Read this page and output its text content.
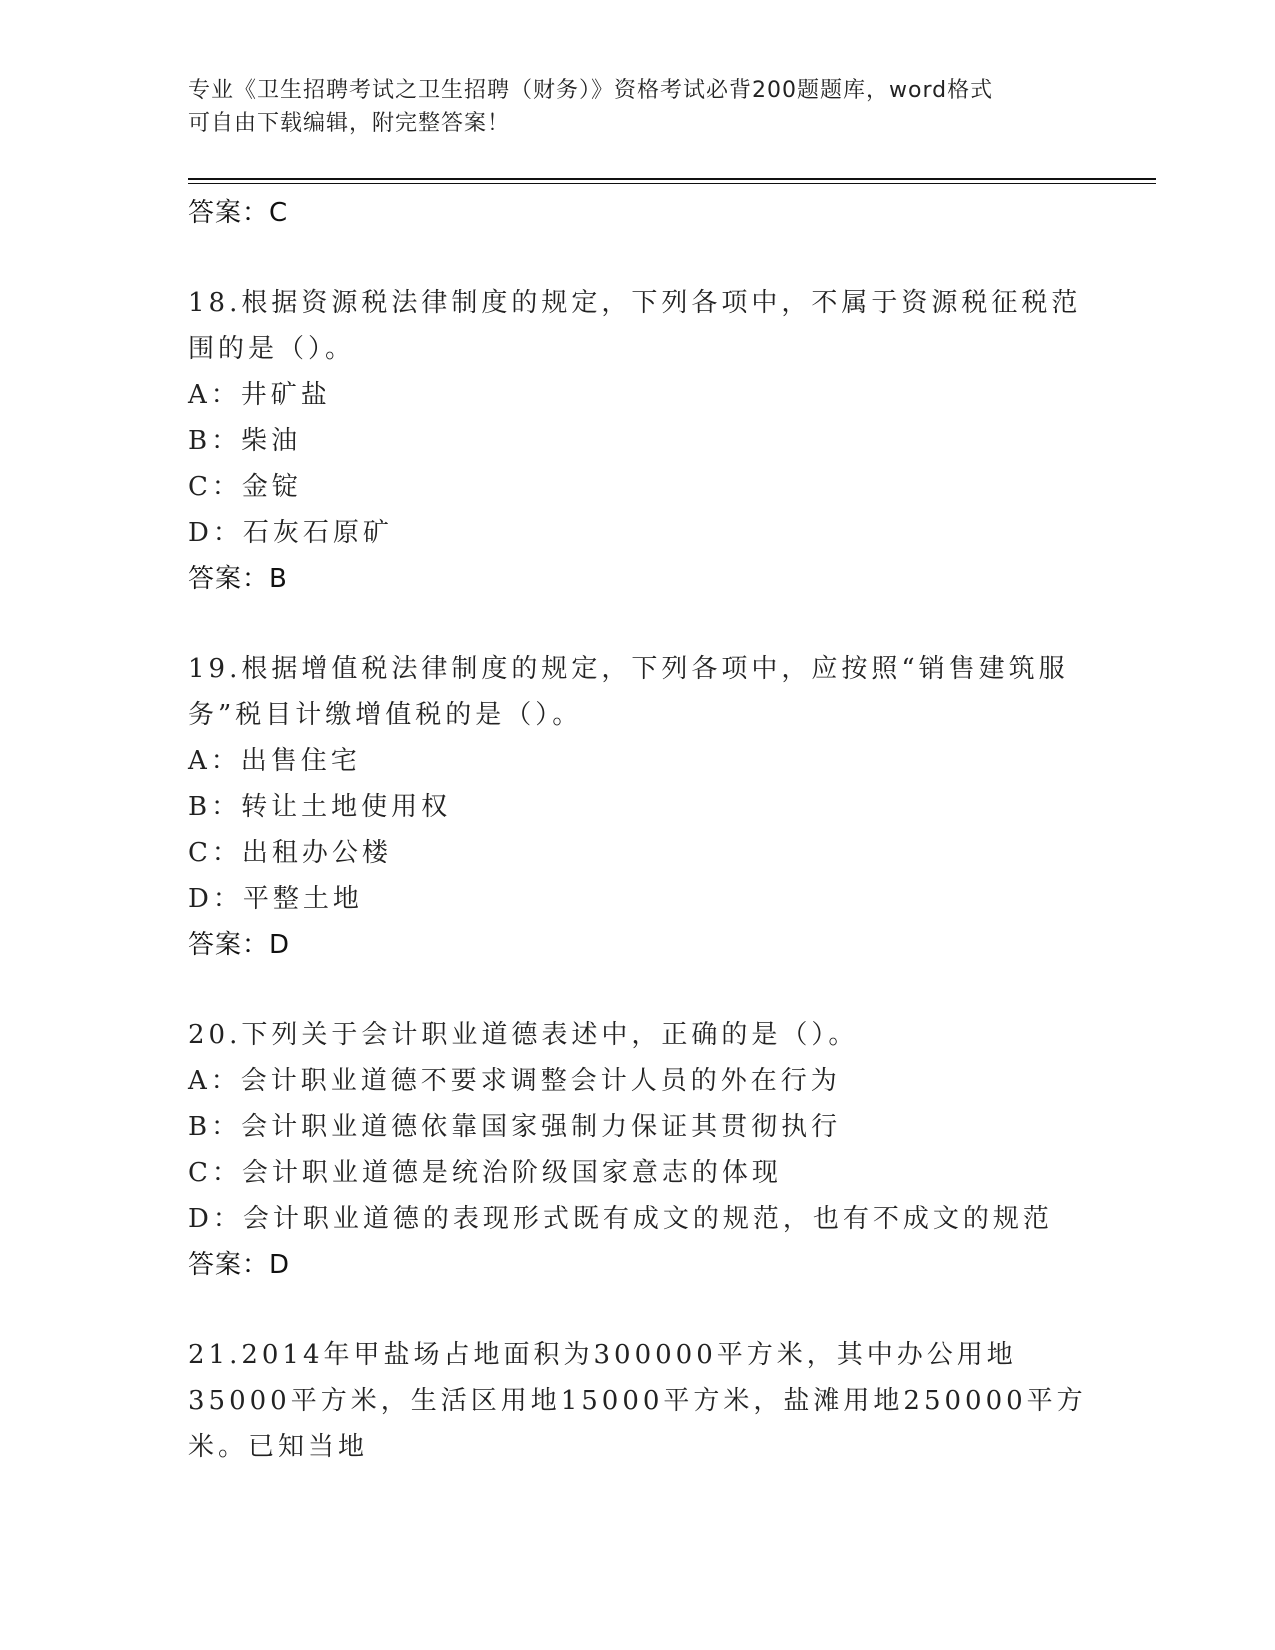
专业《卫生招聘考试之卫生招聘（财务）》资格考试必背200题题库，word格式
可自由下载编辑，附完整答案！
答案：C
18.根据资源税法律制度的规定，下列各项中，不属于资源税征税范围的是（）。
A：井矿盐
B：柴油
C：金锭
D：石灰石原矿
答案：B
19.根据增值税法律制度的规定，下列各项中，应按照“销售建筑服务”税目计缴增值税的是（）。
A：出售住宅
B：转让土地使用权
C：出租办公楼
D：平整土地
答案：D
20.下列关于会计职业道德表述中，正确的是（）。
A：会计职业道德不要求调整会计人员的外在行为
B：会计职业道德依靠国家强制力保证其贯彻执行
C：会计职业道德是统治阶级国家意志的体现
D：会计职业道德的表现形式既有成文的规范，也有不成文的规范
答案：D
21.2014年甲盐场占地面积为300000平方米，其中办公用地35000平方米，生活区用地15000平方米，盐滩用地250000平方米。已知当地
